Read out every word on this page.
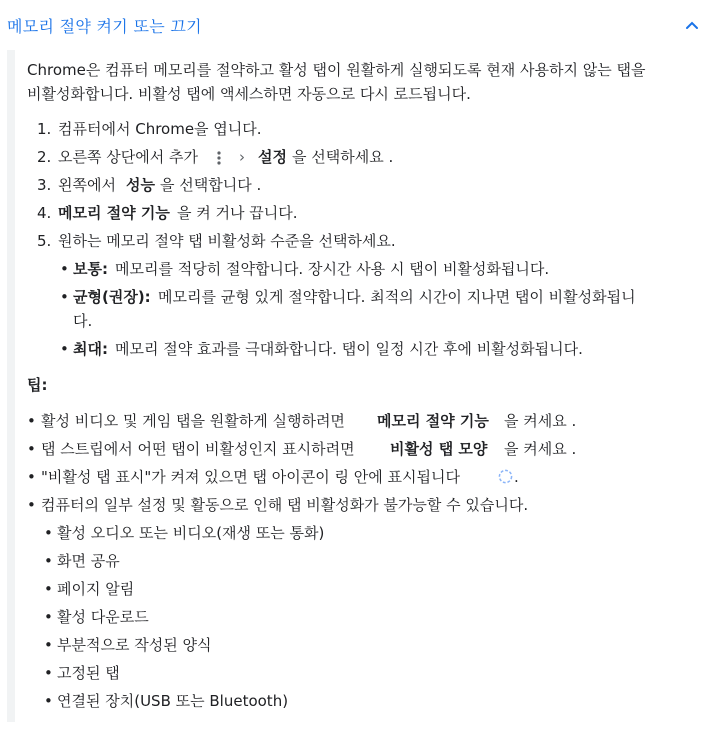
메모리 절약 켜기 또는 끄기
Chrome은 컴퓨터 메모리를 절약하고 활성 탭이 원활하게 실행되도록 현재 사용하지 않는 탭을
비활성화합니다. 비활성 탭에 액세스하면 자동으로 다시 로드됩니다.
1. 컴퓨터에서 Chrome을 엽니다.
2. 오른쪽 상단에서 추가	› 설정 을 선택하세요 .
3. 왼쪽에서 성능 을 선택합니다 .
4. 메모리 절약 기능 을 켜 거나 끕니다.
5. 원하는 메모리 절약 탭 비활성화 수준을 선택하세요.
• 보통: 메모리를 적당히 절약합니다. 장시간 사용 시 탭이 비활성화됩니다.
• 균형(권장): 메모리를 균형 있게 절약합니다. 최적의 시간이 지나면 탭이 비활성화됩니
다.
• 최대: 메모리 절약 효과를 극대화합니다. 탭이 일정 시간 후에 비활성화됩니다.
팁:
• 활성 비디오 및 게임 탭을 원활하게 실행하려면 메모리 절약 기능 을 켜세요 .
• 탭 스트립에서 어떤 탭이 비활성인지 표시하려면 비활성 탭 모양 을 켜세요 .
• "비활성 탭 표시"가 켜져 있으면 탭 아이콘이 링 안에 표시됩니다	.
• 컴퓨터의 일부 설정 및 활동으로 인해 탭 비활성화가 불가능할 수 있습니다.
• 활성 오디오 또는 비디오(재생 또는 통화)
• 화면 공유
• 페이지 알림
• 활성 다운로드
• 부분적으로 작성된 양식
• 고정된 탭
• 연결된 장치(USB 또는 Bluetooth)
